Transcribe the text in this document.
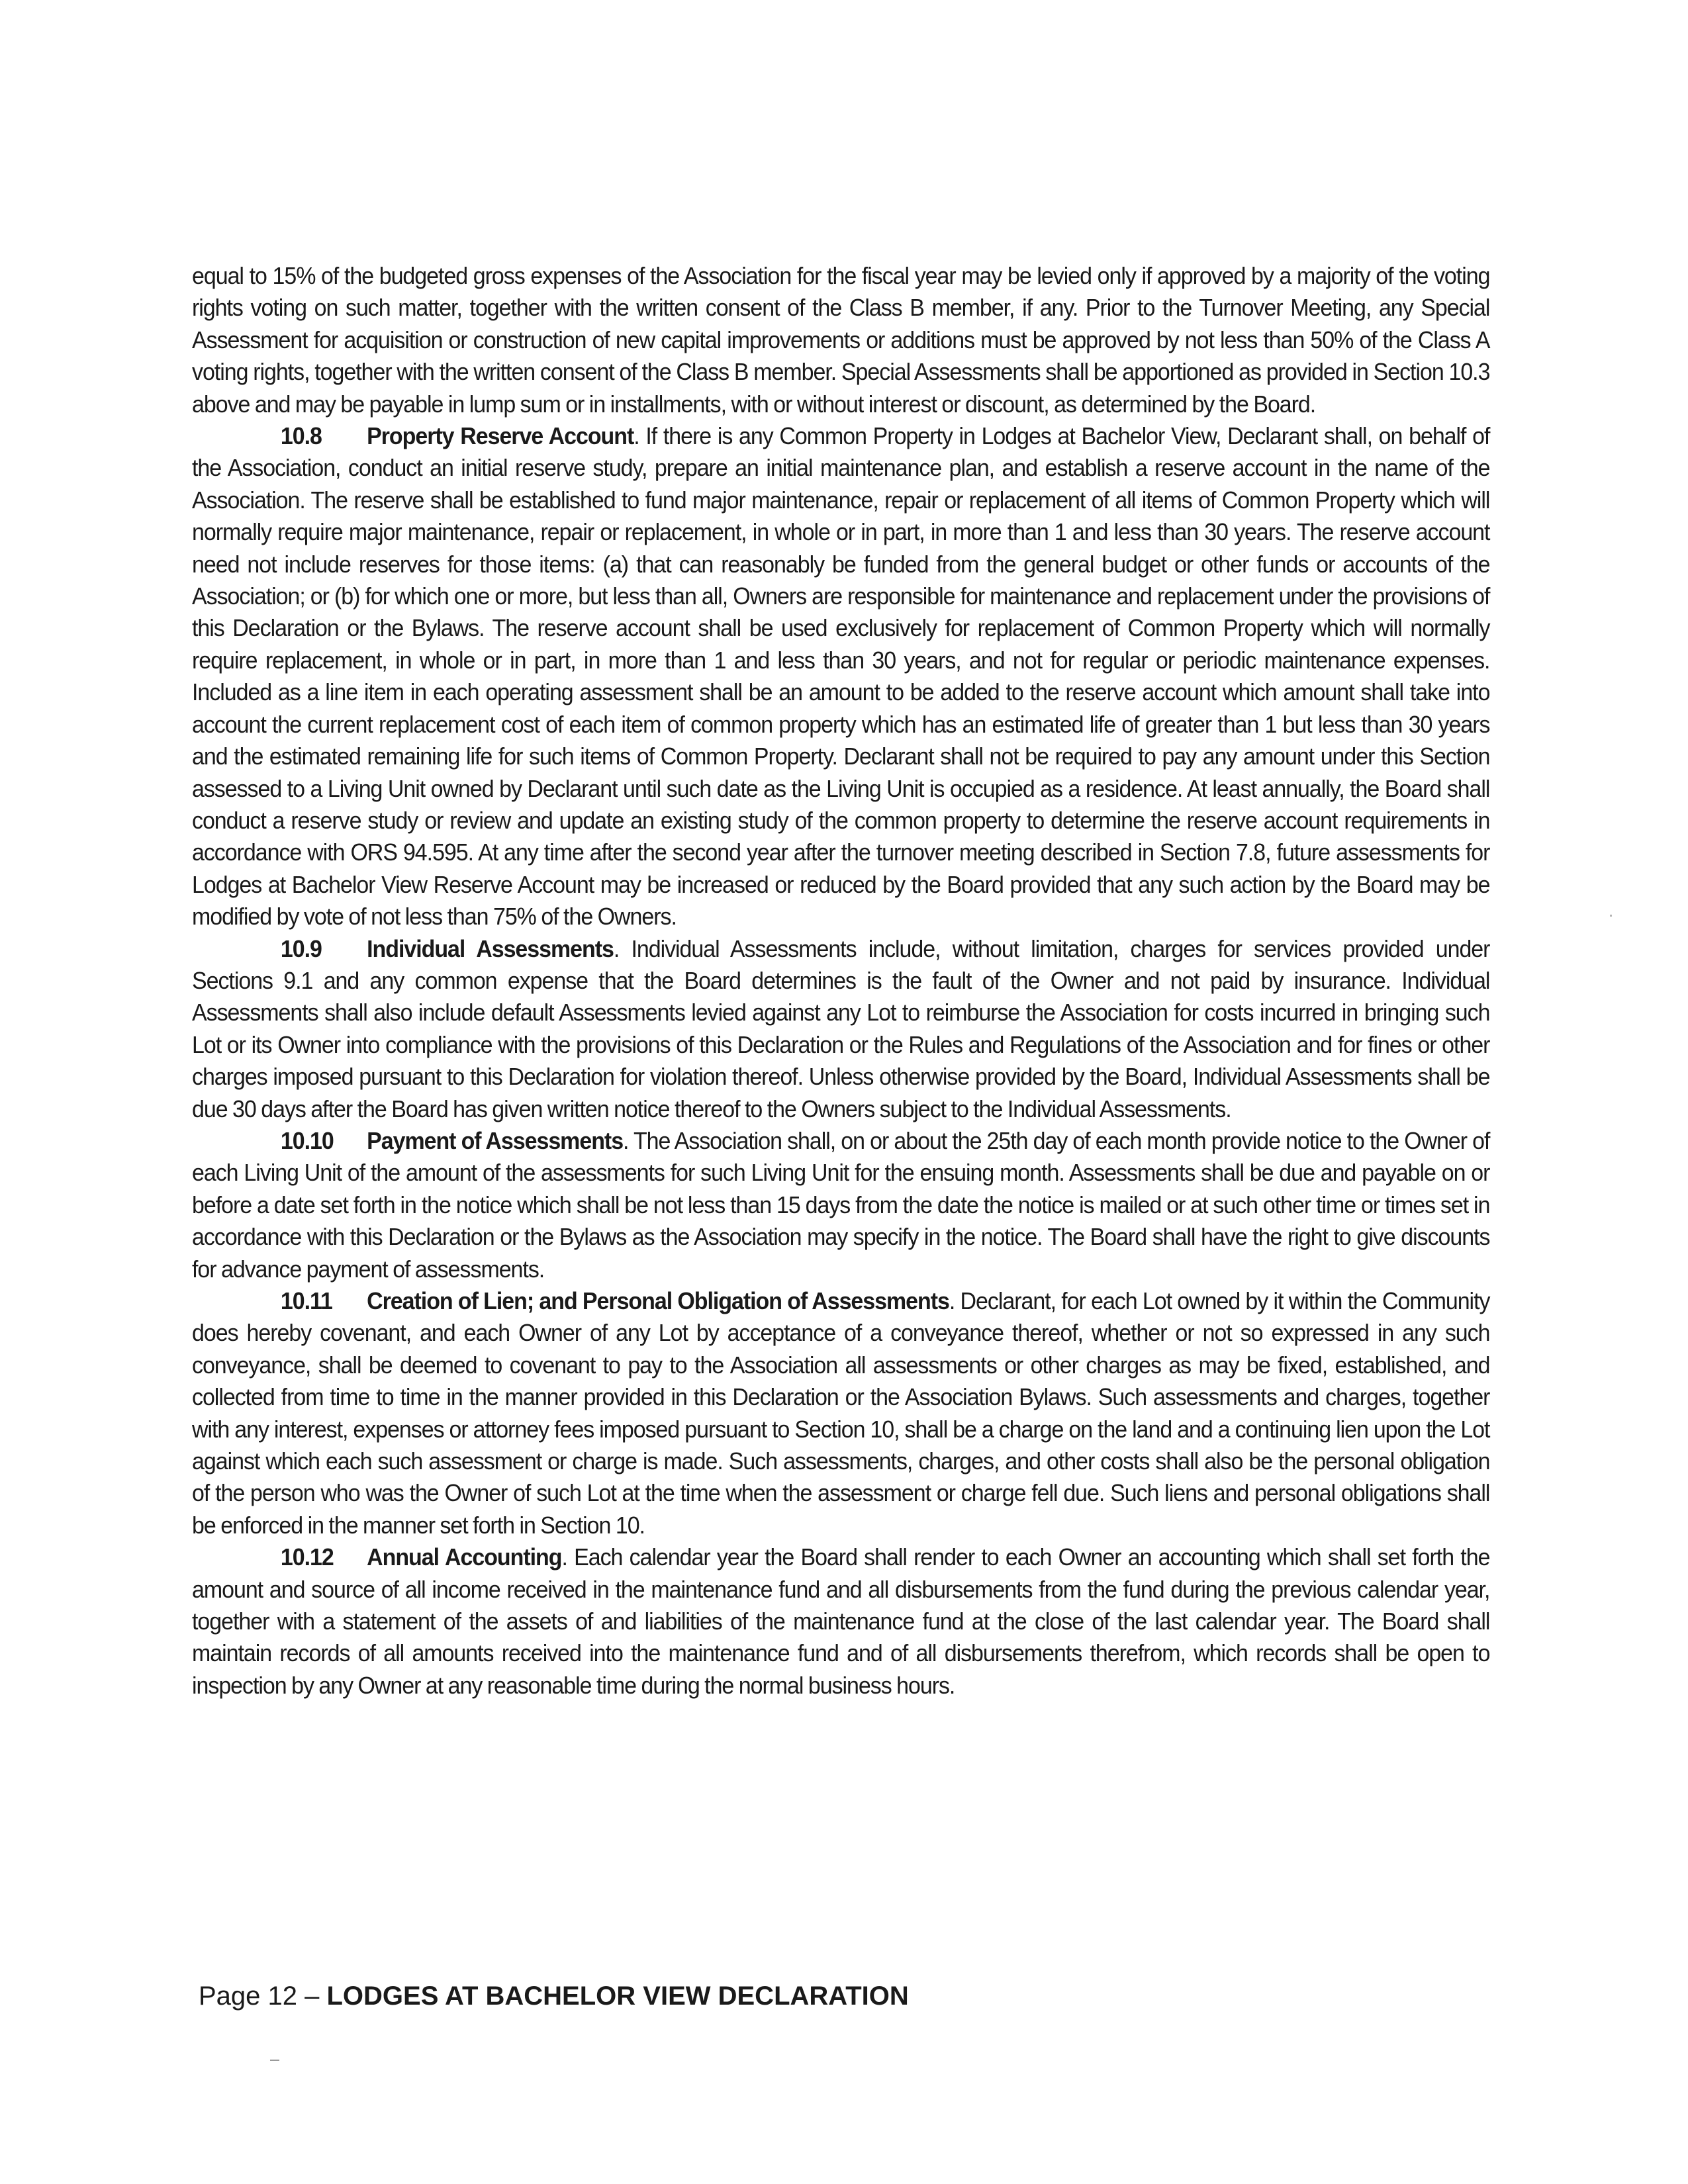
equal to 15% of the budgeted gross expenses of the Association for the fiscal year may be levied only if approved by a majority of the voting rights voting on such matter, together with the written consent of the Class B member, if any. Prior to the Turnover Meeting, any Special Assessment for acquisition or construction of new capital improvements or additions must be approved by not less than 50% of the Class A voting rights, together with the written consent of the Class B member. Special Assessments shall be apportioned as provided in Section 10.3 above and may be payable in lump sum or in installments, with or without interest or discount, as determined by the Board.

10.8 Property Reserve Account. If there is any Common Property in Lodges at Bachelor View, Declarant shall, on behalf of the Association, conduct an initial reserve study, prepare an initial maintenance plan, and establish a reserve account in the name of the Association. The reserve shall be established to fund major maintenance, repair or replacement of all items of Common Property which will normally require major maintenance, repair or replacement, in whole or in part, in more than 1 and less than 30 years. The reserve account need not include reserves for those items: (a) that can reasonably be funded from the general budget or other funds or accounts of the Association; or (b) for which one or more, but less than all, Owners are responsible for maintenance and replacement under the provisions of this Declaration or the Bylaws. The reserve account shall be used exclusively for replacement of Common Property which will normally require replacement, in whole or in part, in more than 1 and less than 30 years, and not for regular or periodic maintenance expenses. Included as a line item in each operating assessment shall be an amount to be added to the reserve account which amount shall take into account the current replacement cost of each item of common property which has an estimated life of greater than 1 but less than 30 years and the estimated remaining life for such items of Common Property. Declarant shall not be required to pay any amount under this Section assessed to a Living Unit owned by Declarant until such date as the Living Unit is occupied as a residence. At least annually, the Board shall conduct a reserve study or review and update an existing study of the common property to determine the reserve account requirements in accordance with ORS 94.595. At any time after the second year after the turnover meeting described in Section 7.8, future assessments for Lodges at Bachelor View Reserve Account may be increased or reduced by the Board provided that any such action by the Board may be modified by vote of not less than 75% of the Owners.

10.9 Individual Assessments. Individual Assessments include, without limitation, charges for services provided under Sections 9.1 and any common expense that the Board determines is the fault of the Owner and not paid by insurance. Individual Assessments shall also include default Assessments levied against any Lot to reimburse the Association for costs incurred in bringing such Lot or its Owner into compliance with the provisions of this Declaration or the Rules and Regulations of the Association and for fines or other charges imposed pursuant to this Declaration for violation thereof. Unless otherwise provided by the Board, Individual Assessments shall be due 30 days after the Board has given written notice thereof to the Owners subject to the Individual Assessments.

10.10 Payment of Assessments. The Association shall, on or about the 25th day of each month provide notice to the Owner of each Living Unit of the amount of the assessments for such Living Unit for the ensuing month. Assessments shall be due and payable on or before a date set forth in the notice which shall be not less than 15 days from the date the notice is mailed or at such other time or times set in accordance with this Declaration or the Bylaws as the Association may specify in the notice. The Board shall have the right to give discounts for advance payment of assessments.

10.11 Creation of Lien; and Personal Obligation of Assessments. Declarant, for each Lot owned by it within the Community does hereby covenant, and each Owner of any Lot by acceptance of a conveyance thereof, whether or not so expressed in any such conveyance, shall be deemed to covenant to pay to the Association all assessments or other charges as may be fixed, established, and collected from time to time in the manner provided in this Declaration or the Association Bylaws. Such assessments and charges, together with any interest, expenses or attorney fees imposed pursuant to Section 10, shall be a charge on the land and a continuing lien upon the Lot against which each such assessment or charge is made. Such assessments, charges, and other costs shall also be the personal obligation of the person who was the Owner of such Lot at the time when the assessment or charge fell due. Such liens and personal obligations shall be enforced in the manner set forth in Section 10.

10.12 Annual Accounting. Each calendar year the Board shall render to each Owner an accounting which shall set forth the amount and source of all income received in the maintenance fund and all disbursements from the fund during the previous calendar year, together with a statement of the assets of and liabilities of the maintenance fund at the close of the last calendar year. The Board shall maintain records of all amounts received into the maintenance fund and of all disbursements therefrom, which records shall be open to inspection by any Owner at any reasonable time during the normal business hours.

Page 12 – LODGES AT BACHELOR VIEW DECLARATION
